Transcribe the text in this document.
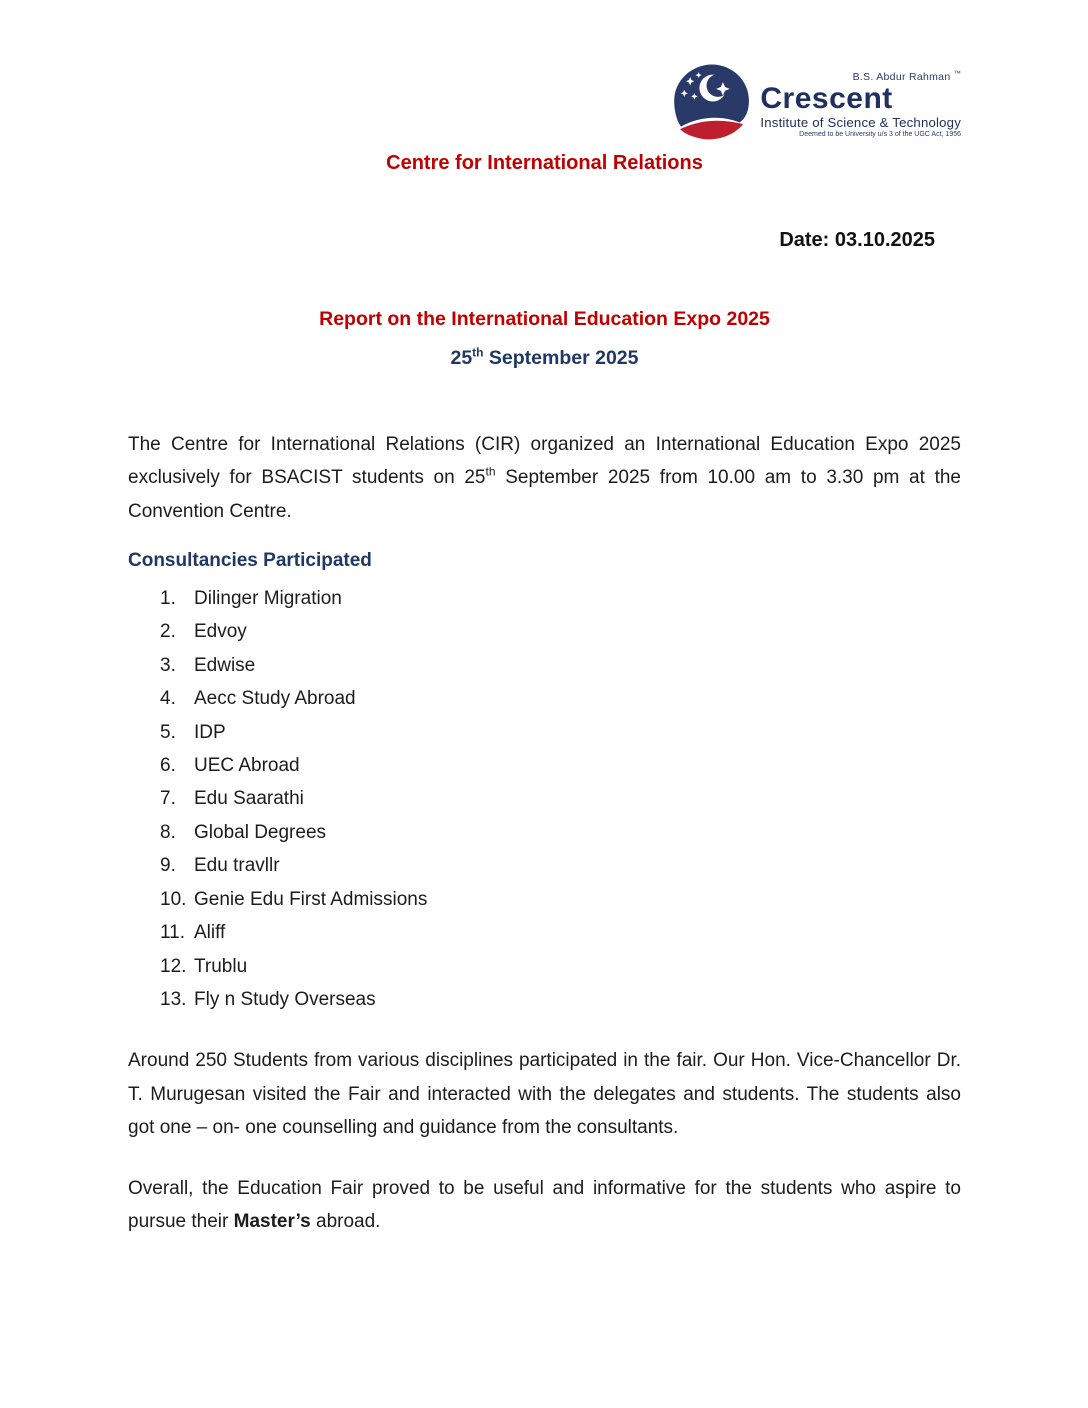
B.S. Abdur Rahman ™
Crescent
Institute of Science & Technology
Deemed to be University u/s 3 of the UGC Act, 1956
Centre for International Relations

Date: 03.10.2025

Report on the International Education Expo 2025
25th September 2025

The Centre for International Relations (CIR) organized an International Education Expo 2025 exclusively for BSACIST students on 25th September 2025 from 10.00 am to 3.30 pm at the Convention Centre.

Consultancies Participated
Dilinger Migration
Edvoy
Edwise
Aecc Study Abroad
IDP
UEC Abroad
Edu Saarathi
Global Degrees
Edu travllr
Genie Edu First Admissions
Aliff
Trublu
Fly n Study Overseas

Around 250 Students from various disciplines participated in the fair. Our Hon. Vice-Chancellor Dr. T. Murugesan visited the Fair and interacted with the delegates and students. The students also got one – on- one counselling and guidance from the consultants.

Overall, the Education Fair proved to be useful and informative for the students who aspire to pursue their Master’s abroad.
